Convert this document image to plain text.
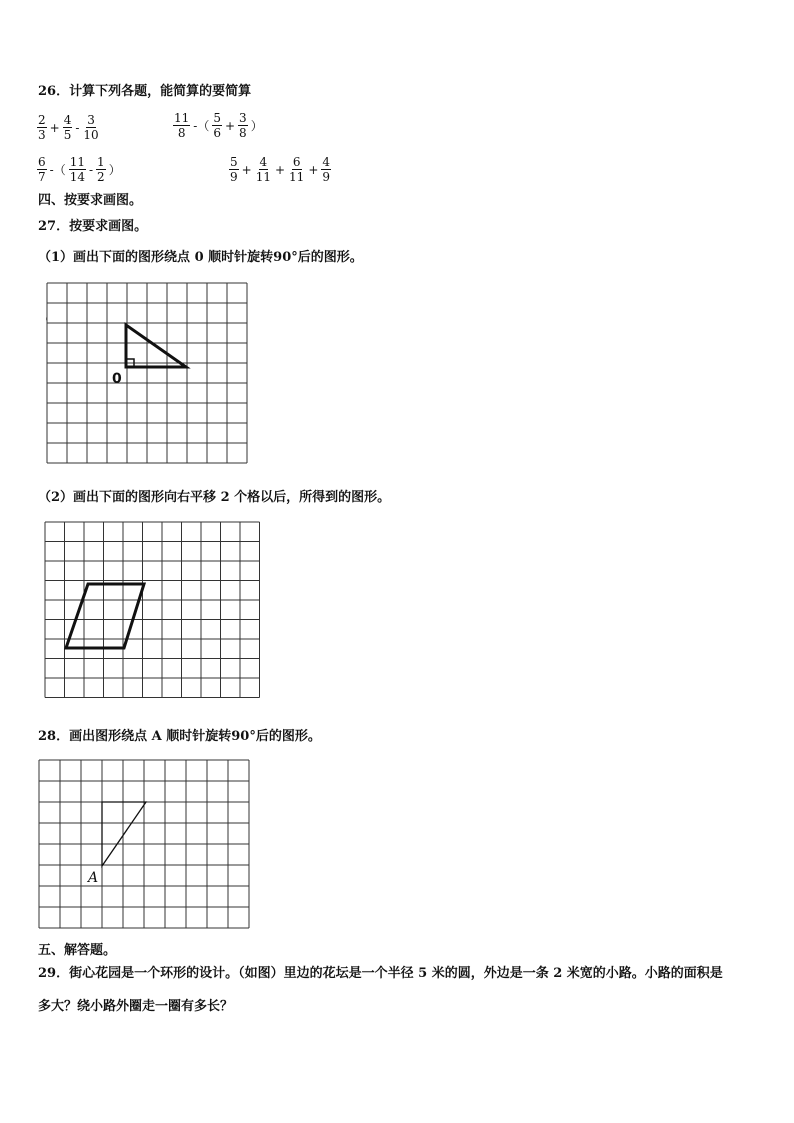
26．计算下列各题，能简算的要简算
$\frac{2}{3} + \frac{4}{5} - \frac{3}{10}$	$\frac{11}{8}$ -（ $\frac{5}{6} + \frac{3}{8}$ ）
$\frac{6}{7}$ -（ $\frac{11}{14} - \frac{1}{2}$ ）	$\frac{5}{9} + \frac{4}{11} + \frac{6}{11} + \frac{4}{9}$
四、按要求画图。
27．按要求画图。
（1）画出下面的图形绕点 0 顺时针旋转90°后的图形。
0
'
（2）画出下面的图形向右平移 2 个格以后，所得到的图形。
28．画出图形绕点 A 顺时针旋转90°后的图形。
A
五、解答题。
29．街心花园是一个环形的设计。（如图）里边的花坛是一个半径 5 米的圆，外边是一条 2 米宽的小路。小路的面积是
多大？绕小路外圈走一圈有多长？
